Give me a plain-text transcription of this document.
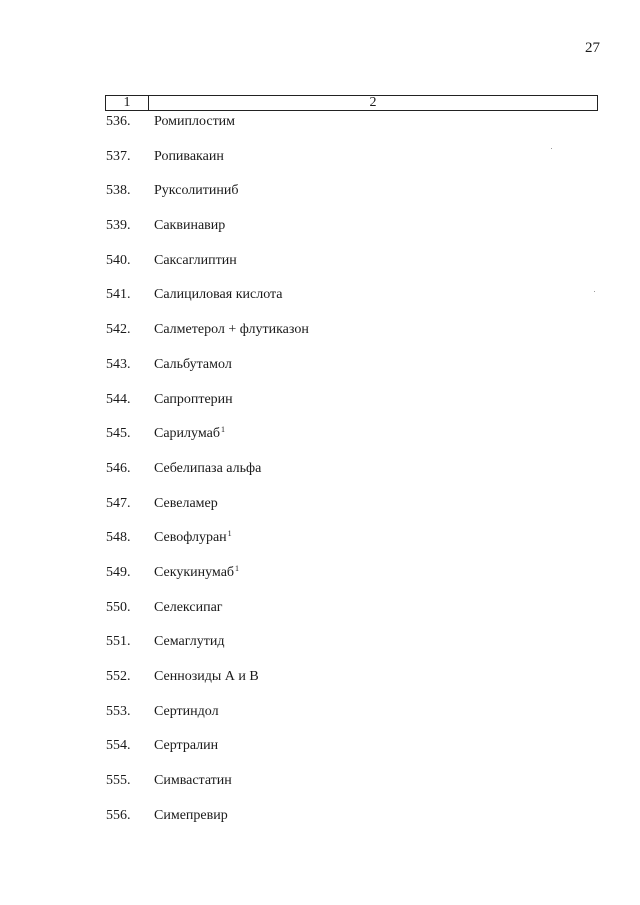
27
1	2
536.	Ромиплостим
537.	Ропивакаин
538.	Руксолитиниб
539.	Саквинавир
540.	Саксаглиптин
541.	Салициловая кислота
542.	Салметерол + флутиказон
543.	Сальбутамол
544.	Сапроптерин
545.	Сарилумаб$^1$
546.	Себелипаза альфа
547.	Севеламер
548.	Севофлуран$^1$
549.	Секукинумаб$^1$
550.	Селексипаг
551.	Семаглутид
552.	Сеннозиды А и В
553.	Сертиндол
554.	Сертралин
555.	Симвастатин
556.	Симепревир
